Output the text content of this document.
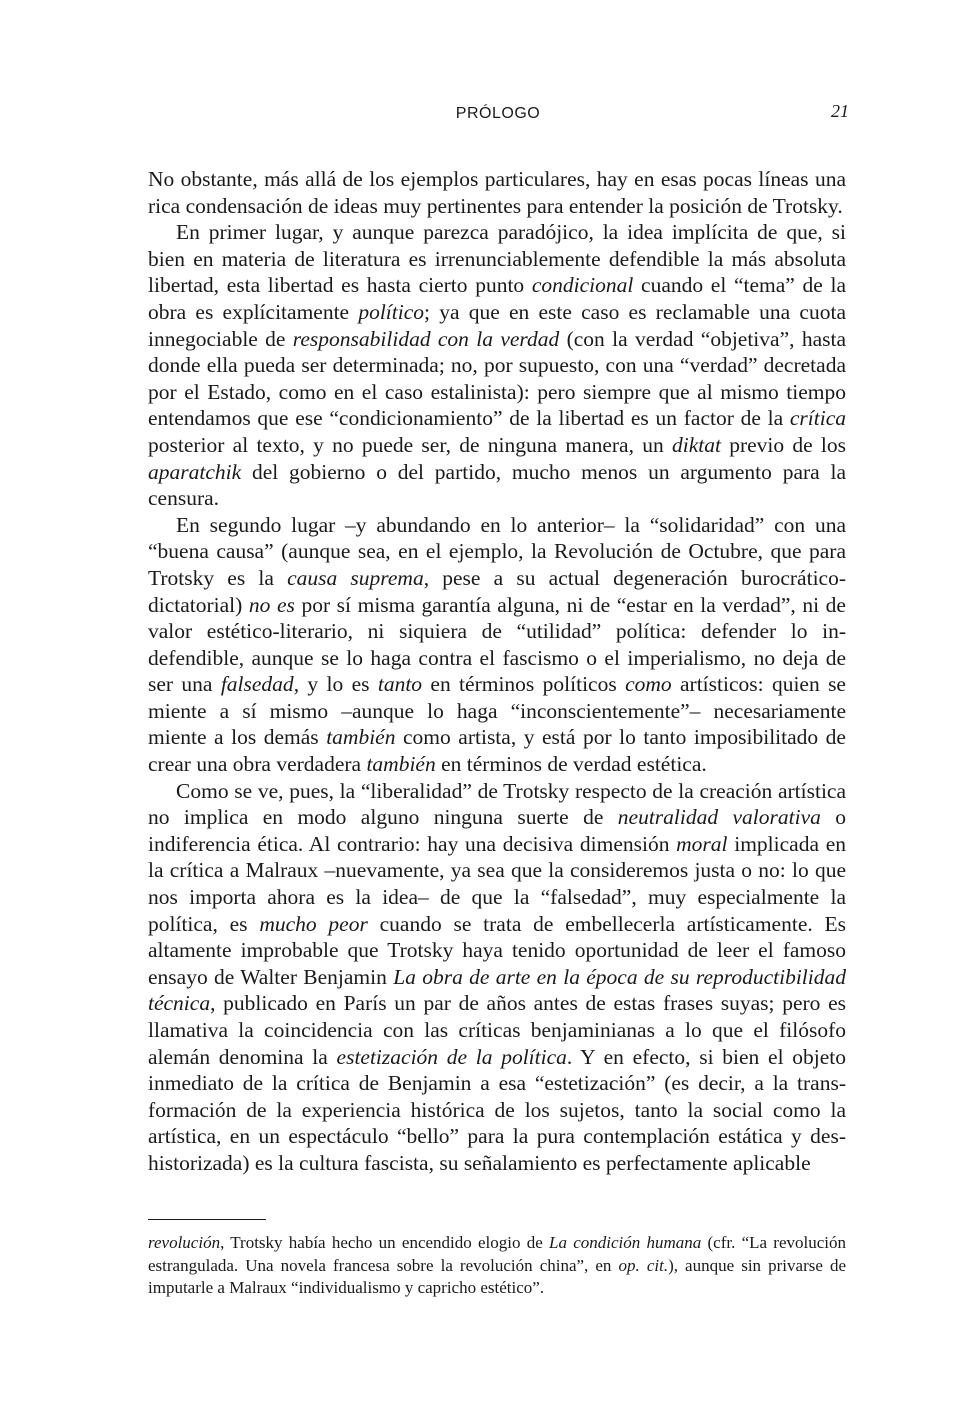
PRÓLOGO	21

No obstante, más allá de los ejemplos particulares, hay en esas pocas líneas una rica condensación de ideas muy pertinentes para entender la posición de Trotsky.

En primer lugar, y aunque parezca paradójico, la idea implícita de que, si bien en materia de literatura es irrenunciablemente defendible la más absoluta libertad, esta libertad es hasta cierto punto condicional cuando el “tema” de la obra es explícitamente político; ya que en este caso es reclamable una cuota innegociable de responsabilidad con la verdad (con la verdad “objetiva”, hasta donde ella pueda ser determinada; no, por supuesto, con una “verdad” decretada por el Estado, como en el caso estalinista): pero siempre que al mismo tiempo entendamos que ese “condicionamiento” de la libertad es un factor de la crítica posterior al texto, y no puede ser, de ninguna manera, un diktat previo de los aparatchik del gobierno o del partido, mucho menos un argumento para la censura.

En segundo lugar –y abundando en lo anterior– la “solidaridad” con una “buena causa” (aunque sea, en el ejemplo, la Revolución de Octubre, que para Trotsky es la causa suprema, pese a su actual degeneración burocrático-dictatorial) no es por sí misma garantía alguna, ni de “estar en la verdad”, ni de valor estético-literario, ni siquiera de “utilidad” política: defender lo indefendible, aunque se lo haga contra el fascismo o el imperialismo, no deja de ser una falsedad, y lo es tanto en términos políticos como artísticos: quien se miente a sí mismo –aunque lo haga “inconscientemente”– necesariamente miente a los demás también como artista, y está por lo tanto imposibilitado de crear una obra verdadera también en términos de verdad estética.

Como se ve, pues, la “liberalidad” de Trotsky respecto de la creación artística no implica en modo alguno ninguna suerte de neutralidad valorativa o indiferencia ética. Al contrario: hay una decisiva dimensión moral implicada en la crítica a Malraux –nuevamente, ya sea que la consideremos justa o no: lo que nos importa ahora es la idea– de que la “falsedad”, muy especialmente la política, es mucho peor cuando se trata de embellecerla artísticamente. Es altamente improbable que Trotsky haya tenido oportunidad de leer el famoso ensayo de Walter Benjamin La obra de arte en la época de su reproductibilidad técnica, publicado en París un par de años antes de estas frases suyas; pero es llamativa la coincidencia con las críticas benjaminianas a lo que el filósofo alemán denomina la estetización de la política. Y en efecto, si bien el objeto inmediato de la crítica de Benjamin a esa “estetización” (es decir, a la transformación de la experiencia histórica de los sujetos, tanto la social como la artística, en un espectáculo “bello” para la pura contemplación estática y deshistorizada) es la cultura fascista, su señalamiento es perfectamente aplicable

revolución, Trotsky había hecho un encendido elogio de La condición humana (cfr. “La revolución estrangulada. Una novela francesa sobre la revolución china”, en op. cit.), aunque sin privarse de imputarle a Malraux “individualismo y capricho estético”.
